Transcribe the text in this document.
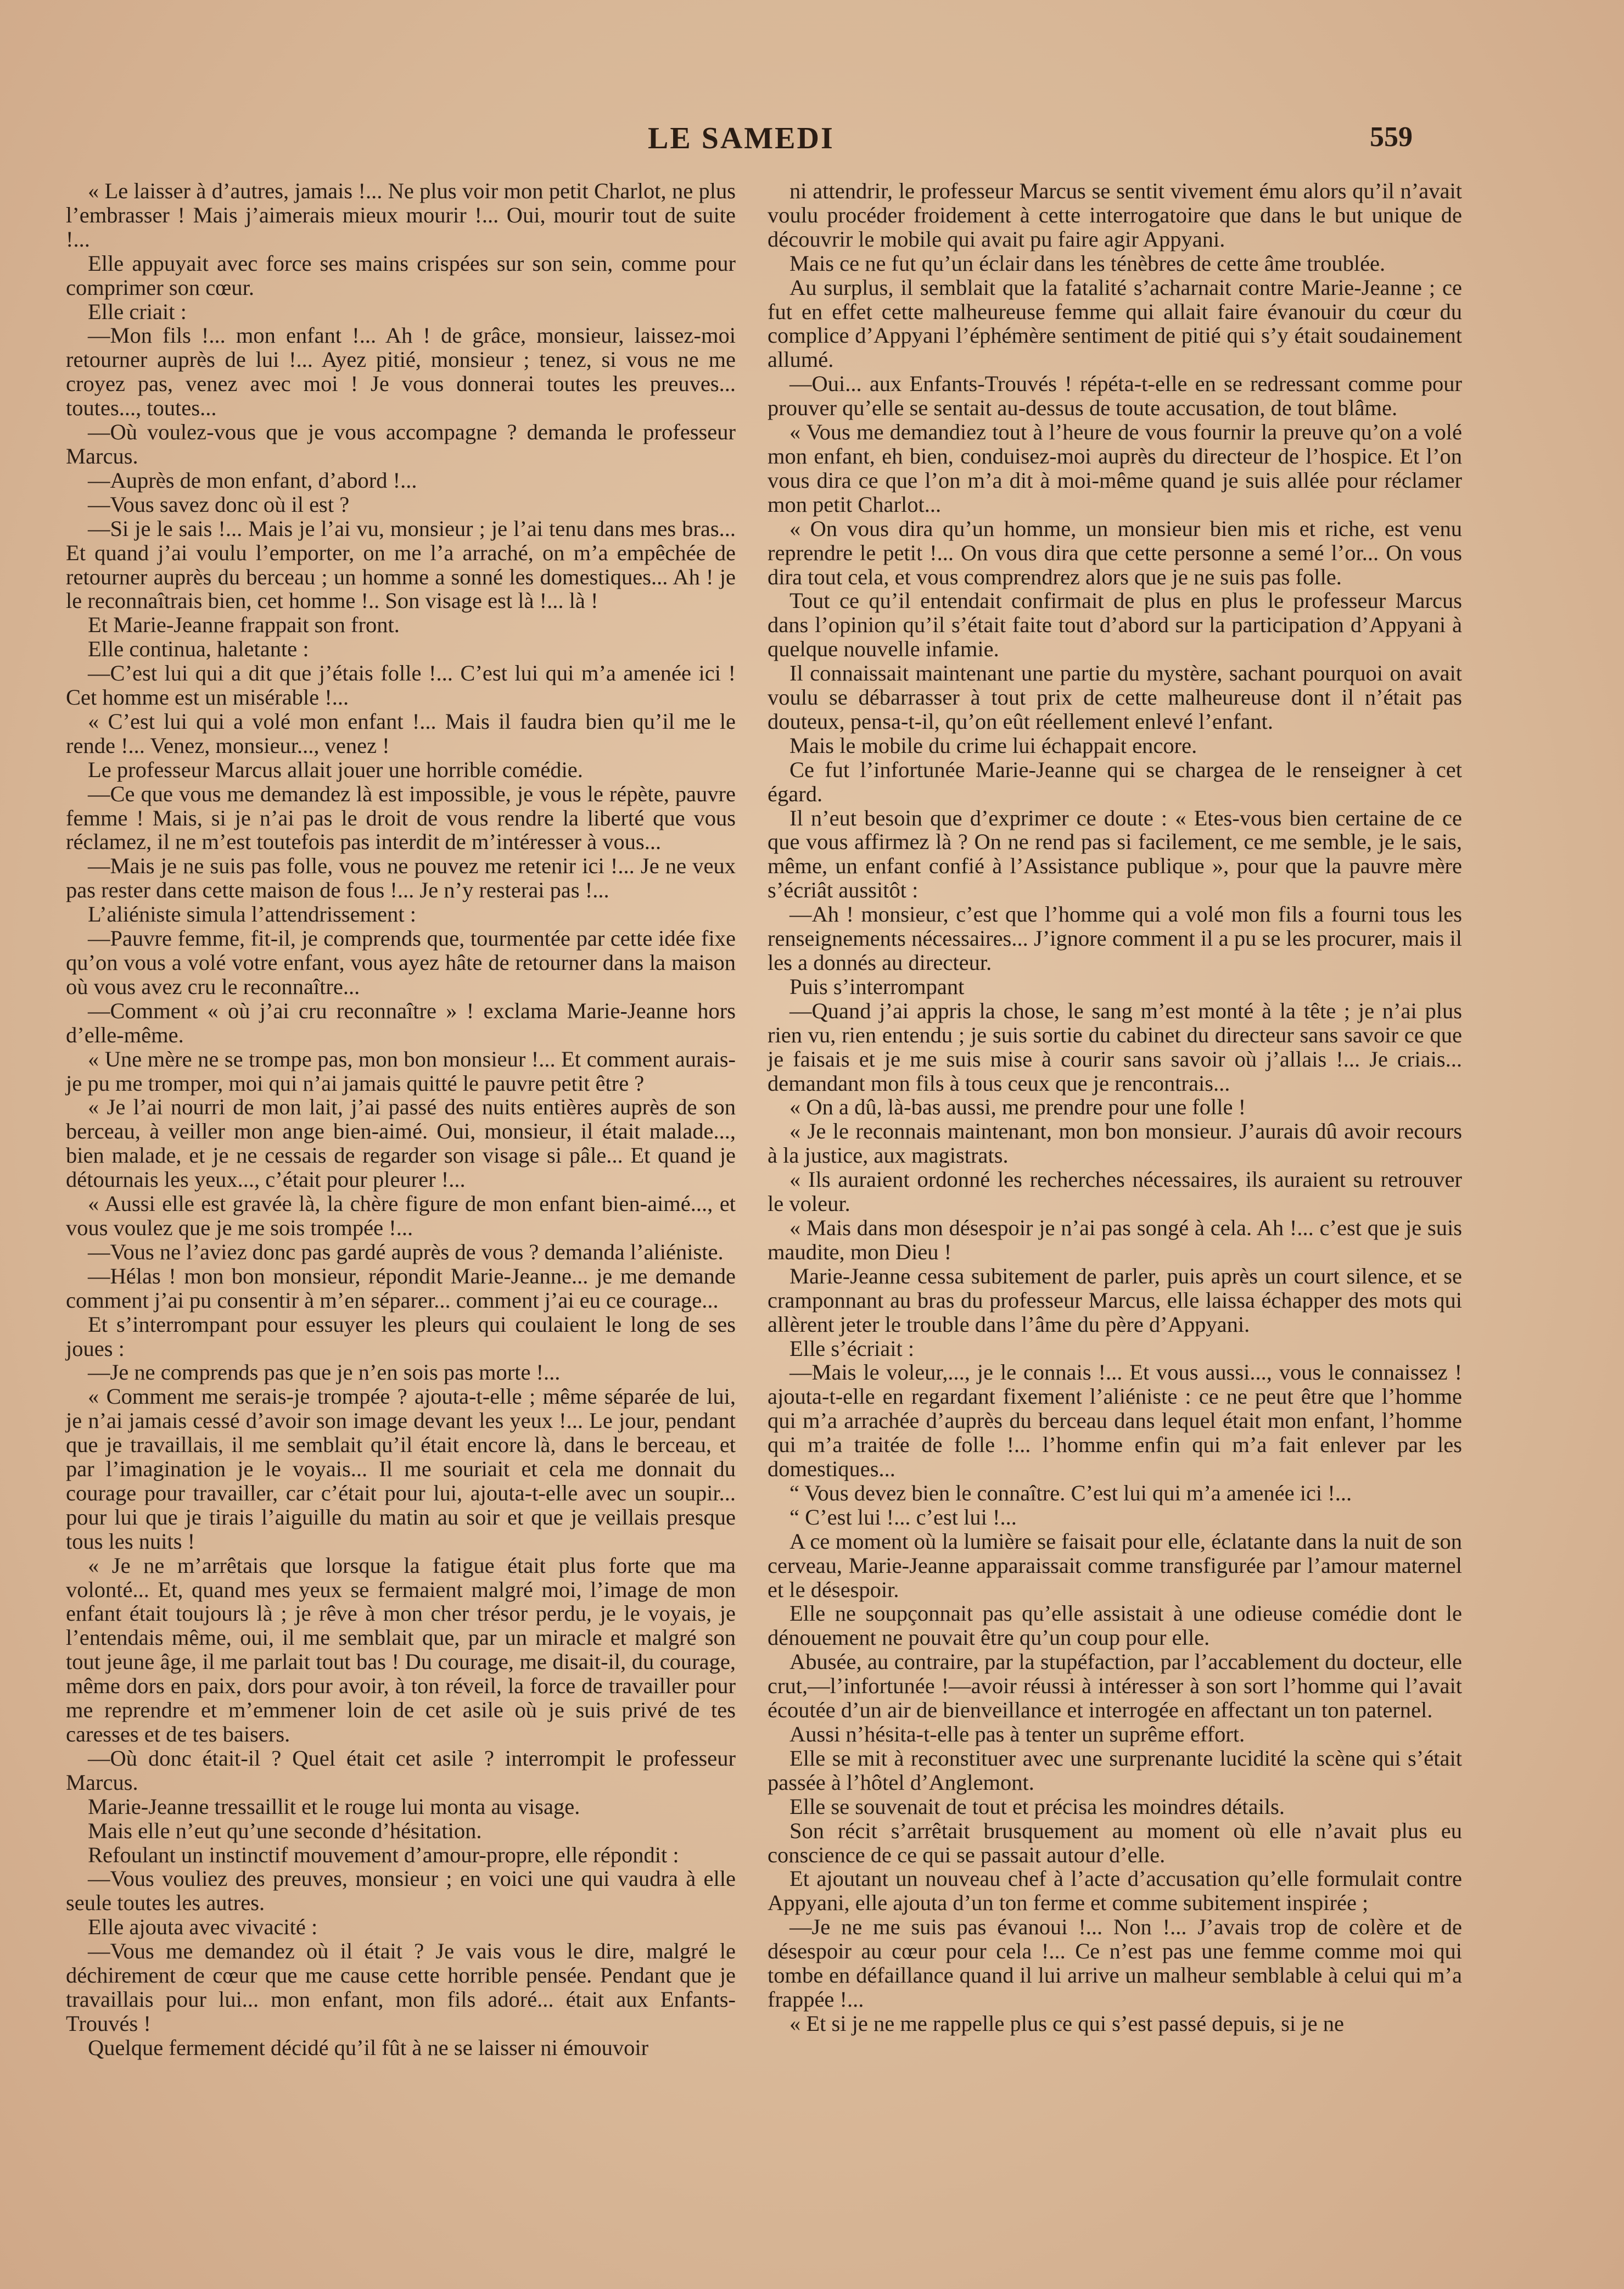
LE SAMEDI	559

« Le laisser à d’autres, jamais !... Ne plus voir mon petit Charlot, ne plus l’embrasser ! Mais j’aimerais mieux mourir !... Oui, mourir tout de suite !...

Elle appuyait avec force ses mains crispées sur son sein, comme pour comprimer son cœur.

Elle criait :

—Mon fils !... mon enfant !... Ah ! de grâce, monsieur, laissez-moi retourner auprès de lui !... Ayez pitié, monsieur ; tenez, si vous ne me croyez pas, venez avec moi ! Je vous donnerai toutes les preuves... toutes..., toutes...

—Où voulez-vous que je vous accompagne ? demanda le professeur Marcus.

—Auprès de mon enfant, d’abord !...

—Vous savez donc où il est ?

—Si je le sais !... Mais je l’ai vu, monsieur ; je l’ai tenu dans mes bras... Et quand j’ai voulu l’emporter, on me l’a arraché, on m’a empêchée de retourner auprès du berceau ; un homme a sonné les domestiques... Ah ! je le reconnaîtrais bien, cet homme !.. Son visage est là !... là !

Et Marie-Jeanne frappait son front.

Elle continua, haletante :

—C’est lui qui a dit que j’étais folle !... C’est lui qui m’a amenée ici ! Cet homme est un misérable !...

« C’est lui qui a volé mon enfant !... Mais il faudra bien qu’il me le rende !... Venez, monsieur..., venez !

Le professeur Marcus allait jouer une horrible comédie.

—Ce que vous me demandez là est impossible, je vous le répète, pauvre femme ! Mais, si je n’ai pas le droit de vous rendre la liberté que vous réclamez, il ne m’est toutefois pas interdit de m’intéresser à vous...

—Mais je ne suis pas folle, vous ne pouvez me retenir ici !... Je ne veux pas rester dans cette maison de fous !... Je n’y resterai pas !...

L’aliéniste simula l’attendrissement :

—Pauvre femme, fit-il, je comprends que, tourmentée par cette idée fixe qu’on vous a volé votre enfant, vous ayez hâte de retourner dans la maison où vous avez cru le reconnaître...

—Comment « où j’ai cru reconnaître » ! exclama Marie-Jeanne hors d’elle-même.

« Une mère ne se trompe pas, mon bon monsieur !... Et comment aurais-je pu me tromper, moi qui n’ai jamais quitté le pauvre petit être ?

« Je l’ai nourri de mon lait, j’ai passé des nuits entières auprès de son berceau, à veiller mon ange bien-aimé. Oui, monsieur, il était malade..., bien malade, et je ne cessais de regarder son visage si pâle... Et quand je détournais les yeux..., c’était pour pleurer !...

« Aussi elle est gravée là, la chère figure de mon enfant bien-aimé..., et vous voulez que je me sois trompée !...

—Vous ne l’aviez donc pas gardé auprès de vous ? demanda l’aliéniste.

—Hélas ! mon bon monsieur, répondit Marie-Jeanne... je me demande comment j’ai pu consentir à m’en séparer... comment j’ai eu ce courage...

Et s’interrompant pour essuyer les pleurs qui coulaient le long de ses joues :

—Je ne comprends pas que je n’en sois pas morte !...

« Comment me serais-je trompée ? ajouta-t-elle ; même séparée de lui, je n’ai jamais cessé d’avoir son image devant les yeux !... Le jour, pendant que je travaillais, il me semblait qu’il était encore là, dans le berceau, et par l’imagination je le voyais... Il me souriait et cela me donnait du courage pour travailler, car c’était pour lui, ajouta-t-elle avec un soupir... pour lui que je tirais l’aiguille du matin au soir et que je veillais presque tous les nuits !

« Je ne m’arrêtais que lorsque la fatigue était plus forte que ma volonté... Et, quand mes yeux se fermaient malgré moi, l’image de mon enfant était toujours là ; je rêve à mon cher trésor perdu, je le voyais, je l’entendais même, oui, il me semblait que, par un miracle et malgré son tout jeune âge, il me parlait tout bas ! Du courage, me disait-il, du courage, même dors en paix, dors pour avoir, à ton réveil, la force de travailler pour me reprendre et m’emmener loin de cet asile où je suis privé de tes caresses et de tes baisers.

—Où donc était-il ? Quel était cet asile ? interrompit le professeur Marcus.

Marie-Jeanne tressaillit et le rouge lui monta au visage.

Mais elle n’eut qu’une seconde d’hésitation.

Refoulant un instinctif mouvement d’amour-propre, elle répondit :

—Vous vouliez des preuves, monsieur ; en voici une qui vaudra à elle seule toutes les autres.

Elle ajouta avec vivacité :

—Vous me demandez où il était ? Je vais vous le dire, malgré le déchirement de cœur que me cause cette horrible pensée. Pendant que je travaillais pour lui... mon enfant, mon fils adoré... était aux Enfants-Trouvés !

Quelque fermement décidé qu’il fût à ne se laisser ni émouvoir

ni attendrir, le professeur Marcus se sentit vivement ému alors qu’il n’avait voulu procéder froidement à cette interrogatoire que dans le but unique de découvrir le mobile qui avait pu faire agir Appyani.

Mais ce ne fut qu’un éclair dans les ténèbres de cette âme troublée.

Au surplus, il semblait que la fatalité s’acharnait contre Marie-Jeanne ; ce fut en effet cette malheureuse femme qui allait faire évanouir du cœur du complice d’Appyani l’éphémère sentiment de pitié qui s’y était soudainement allumé.

—Oui... aux Enfants-Trouvés ! répéta-t-elle en se redressant comme pour prouver qu’elle se sentait au-dessus de toute accusation, de tout blâme.

« Vous me demandiez tout à l’heure de vous fournir la preuve qu’on a volé mon enfant, eh bien, conduisez-moi auprès du directeur de l’hospice. Et l’on vous dira ce que l’on m’a dit à moi-même quand je suis allée pour réclamer mon petit Charlot...

« On vous dira qu’un homme, un monsieur bien mis et riche, est venu reprendre le petit !... On vous dira que cette personne a semé l’or... On vous dira tout cela, et vous comprendrez alors que je ne suis pas folle.

Tout ce qu’il entendait confirmait de plus en plus le professeur Marcus dans l’opinion qu’il s’était faite tout d’abord sur la participation d’Appyani à quelque nouvelle infamie.

Il connaissait maintenant une partie du mystère, sachant pourquoi on avait voulu se débarrasser à tout prix de cette malheureuse dont il n’était pas douteux, pensa-t-il, qu’on eût réellement enlevé l’enfant.

Mais le mobile du crime lui échappait encore.

Ce fut l’infortunée Marie-Jeanne qui se chargea de le renseigner à cet égard.

Il n’eut besoin que d’exprimer ce doute : « Etes-vous bien certaine de ce que vous affirmez là ? On ne rend pas si facilement, ce me semble, je le sais, même, un enfant confié à l’Assistance publique », pour que la pauvre mère s’écriât aussitôt :

—Ah ! monsieur, c’est que l’homme qui a volé mon fils a fourni tous les renseignements nécessaires... J’ignore comment il a pu se les procurer, mais il les a donnés au directeur.

Puis s’interrompant

—Quand j’ai appris la chose, le sang m’est monté à la tête ; je n’ai plus rien vu, rien entendu ; je suis sortie du cabinet du directeur sans savoir ce que je faisais et je me suis mise à courir sans savoir où j’allais !... Je criais... demandant mon fils à tous ceux que je rencontrais...

« On a dû, là-bas aussi, me prendre pour une folle !

« Je le reconnais maintenant, mon bon monsieur. J’aurais dû avoir recours à la justice, aux magistrats.

« Ils auraient ordonné les recherches nécessaires, ils auraient su retrouver le voleur.

« Mais dans mon désespoir je n’ai pas songé à cela. Ah !... c’est que je suis maudite, mon Dieu !

Marie-Jeanne cessa subitement de parler, puis après un court silence, et se cramponnant au bras du professeur Marcus, elle laissa échapper des mots qui allèrent jeter le trouble dans l’âme du père d’Appyani.

Elle s’écriait :

—Mais le voleur,..., je le connais !... Et vous aussi..., vous le connaissez ! ajouta-t-elle en regardant fixement l’aliéniste : ce ne peut être que l’homme qui m’a arrachée d’auprès du berceau dans lequel était mon enfant, l’homme qui m’a traitée de folle !... l’homme enfin qui m’a fait enlever par les domestiques...

“ Vous devez bien le connaître. C’est lui qui m’a amenée ici !...

“ C’est lui !... c’est lui !...

A ce moment où la lumière se faisait pour elle, éclatante dans la nuit de son cerveau, Marie-Jeanne apparaissait comme transfigurée par l’amour maternel et le désespoir.

Elle ne soupçonnait pas qu’elle assistait à une odieuse comédie dont le dénouement ne pouvait être qu’un coup pour elle.

Abusée, au contraire, par la stupéfaction, par l’accablement du docteur, elle crut,—l’infortunée !—avoir réussi à intéresser à son sort l’homme qui l’avait écoutée d’un air de bienveillance et interrogée en affectant un ton paternel.

Aussi n’hésita-t-elle pas à tenter un suprême effort.

Elle se mit à reconstituer avec une surprenante lucidité la scène qui s’était passée à l’hôtel d’Anglemont.

Elle se souvenait de tout et précisa les moindres détails.

Son récit s’arrêtait brusquement au moment où elle n’avait plus eu conscience de ce qui se passait autour d’elle.

Et ajoutant un nouveau chef à l’acte d’accusation qu’elle formulait contre Appyani, elle ajouta d’un ton ferme et comme subitement inspirée ;

—Je ne me suis pas évanoui !... Non !... J’avais trop de colère et de désespoir au cœur pour cela !... Ce n’est pas une femme comme moi qui tombe en défaillance quand il lui arrive un malheur semblable à celui qui m’a frappée !...

« Et si je ne me rappelle plus ce qui s’est passé depuis, si je ne
